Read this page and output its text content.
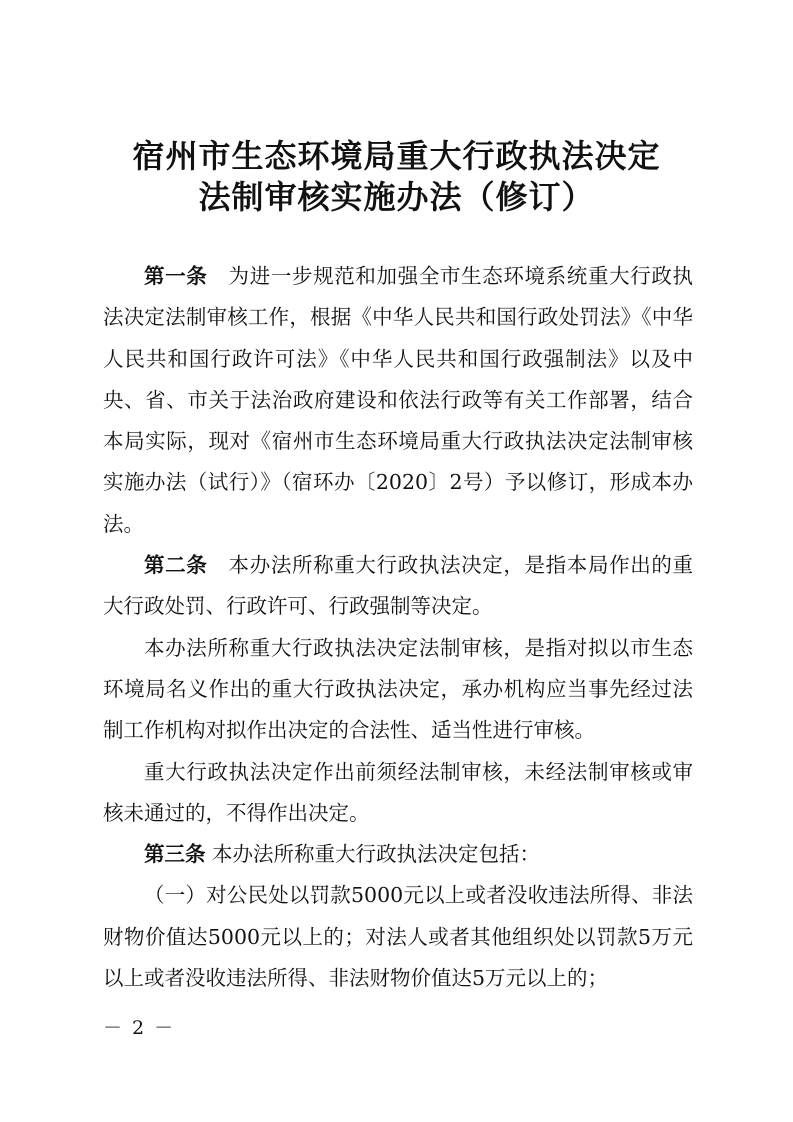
宿州市生态环境局重大行政执法决定
法制审核实施办法（修订）

第一条　为进一步规范和加强全市生态环境系统重大行政执法决定法制审核工作，根据《中华人民共和国行政处罚法》《中华人民共和国行政许可法》《中华人民共和国行政强制法》以及中央、省、市关于法治政府建设和依法行政等有关工作部署，结合本局实际，现对《宿州市生态环境局重大行政执法决定法制审核实施办法（试行）》（宿环办〔2020〕2号）予以修订，形成本办法。

第二条　本办法所称重大行政执法决定，是指本局作出的重大行政处罚、行政许可、行政强制等决定。

本办法所称重大行政执法决定法制审核，是指对拟以市生态环境局名义作出的重大行政执法决定，承办机构应当事先经过法制工作机构对拟作出决定的合法性、适当性进行审核。

重大行政执法决定作出前须经法制审核，未经法制审核或审核未通过的，不得作出决定。

第三条 本办法所称重大行政执法决定包括：

（一）对公民处以罚款5000元以上或者没收违法所得、非法财物价值达5000元以上的；对法人或者其他组织处以罚款5万元以上或者没收违法所得、非法财物价值达5万元以上的；

－ 2 －
